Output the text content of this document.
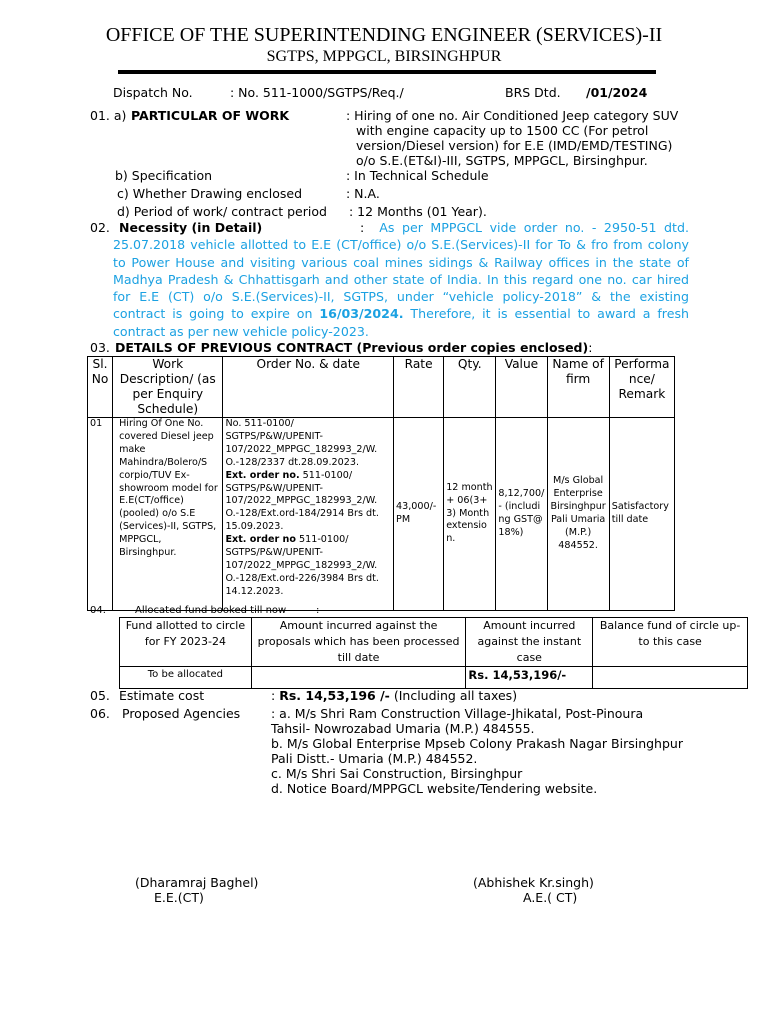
OFFICE OF THE SUPERINTENDING ENGINEER (SERVICES)-II
SGTPS, MPPGCL, BIRSINGHPUR
Dispatch No.	: No. 511-1000/SGTPS/Req./	BRS Dtd. /01/2024
01. a) PARTICULAR OF WORK	: Hiring of one no. Air Conditioned Jeep category SUV
with engine capacity up to 1500 CC (For petrol
version/Diesel version) for E.E (IMD/EMD/TESTING)
o/o S.E.(ET&I)-III, SGTPS, MPPGCL, Birsinghpur.
b) Specification	: In Technical Schedule
c) Whether Drawing enclosed	: N.A.
d) Period of work/ contract period : 12 Months (01 Year).
02. Necessity (in Detail)	: As per MPPGCL vide order no. - 2950-51 dtd. 25.07.2018 vehicle allotted to E.E (CT/office) o/o S.E.(Services)-II for To & fro from colony to Power House and visiting various coal mines sidings & Railway offices in the state of Madhya Pradesh & Chhattisgarh and other state of India. In this regard one no. car hired for E.E (CT) o/o S.E.(Services)-II, SGTPS, under “vehicle policy-2018” & the existing contract is going to expire on 16/03/2024. Therefore, it is essential to award a fresh contract as per new vehicle policy-2023.
03. DETAILS OF PREVIOUS CONTRACT (Previous order copies enclosed):
Sl. No	Work Description/ (as per Enquiry Schedule)	Order No. & date	Rate	Qty.	Value	Name of firm	Performa nce/ Remark
01	Hiring Of One No. covered Diesel jeep make Mahindra/Bolero/S corpio/TUV Ex-showroom model for E.E(CT/office) (pooled) o/o S.E (Services)-II, SGTPS, MPPGCL, Birsinghpur.	No. 511-0100/ SGTPS/P&W/UPENIT-107/2022_MPPGC_182993_2/W. O.-128/2337 dt.28.09.2023.
Ext. order no. 511-0100/ SGTPS/P&W/UPENIT-107/2022_MPPGC_182993_2/W. O.-128/Ext.ord-184/2914 Brs dt. 15.09.2023.
Ext. order no 511-0100/ SGTPS/P&W/UPENIT-107/2022_MPPGC_182993_2/W. O.-128/Ext.ord-226/3984 Brs dt. 14.12.2023.	43,000/- PM	12 month+ 06(3+3) Month extension.	8,12,700/- (including GST@18%)	M/s Global Enterprise Birsinghpur Pali Umaria (M.P.) 484552.	Satisfactory till date
04.	Allocated fund booked till now	:
Fund allotted to circle for FY 2023-24	Amount incurred against the proposals which has been processed till date	Amount incurred against the instant case	Balance fund of circle up-to this case
To be allocated		Rs. 14,53,196/-	
05. Estimate cost	: Rs. 14,53,196 /- (Including all taxes)
06. Proposed Agencies : a. M/s Shri Ram Construction Village-Jhikatal, Post-Pinoura
Tahsil- Nowrozabad Umaria (M.P.) 484555.
b. M/s Global Enterprise Mpseb Colony Prakash Nagar Birsinghpur
Pali Distt.- Umaria (M.P.) 484552.
c. M/s Shri Sai Construction, Birsinghpur
d. Notice Board/MPPGCL website/Tendering website.
(Dharamraj Baghel)
E.E.(CT)
(Abhishek Kr.singh)
A.E.( CT)
